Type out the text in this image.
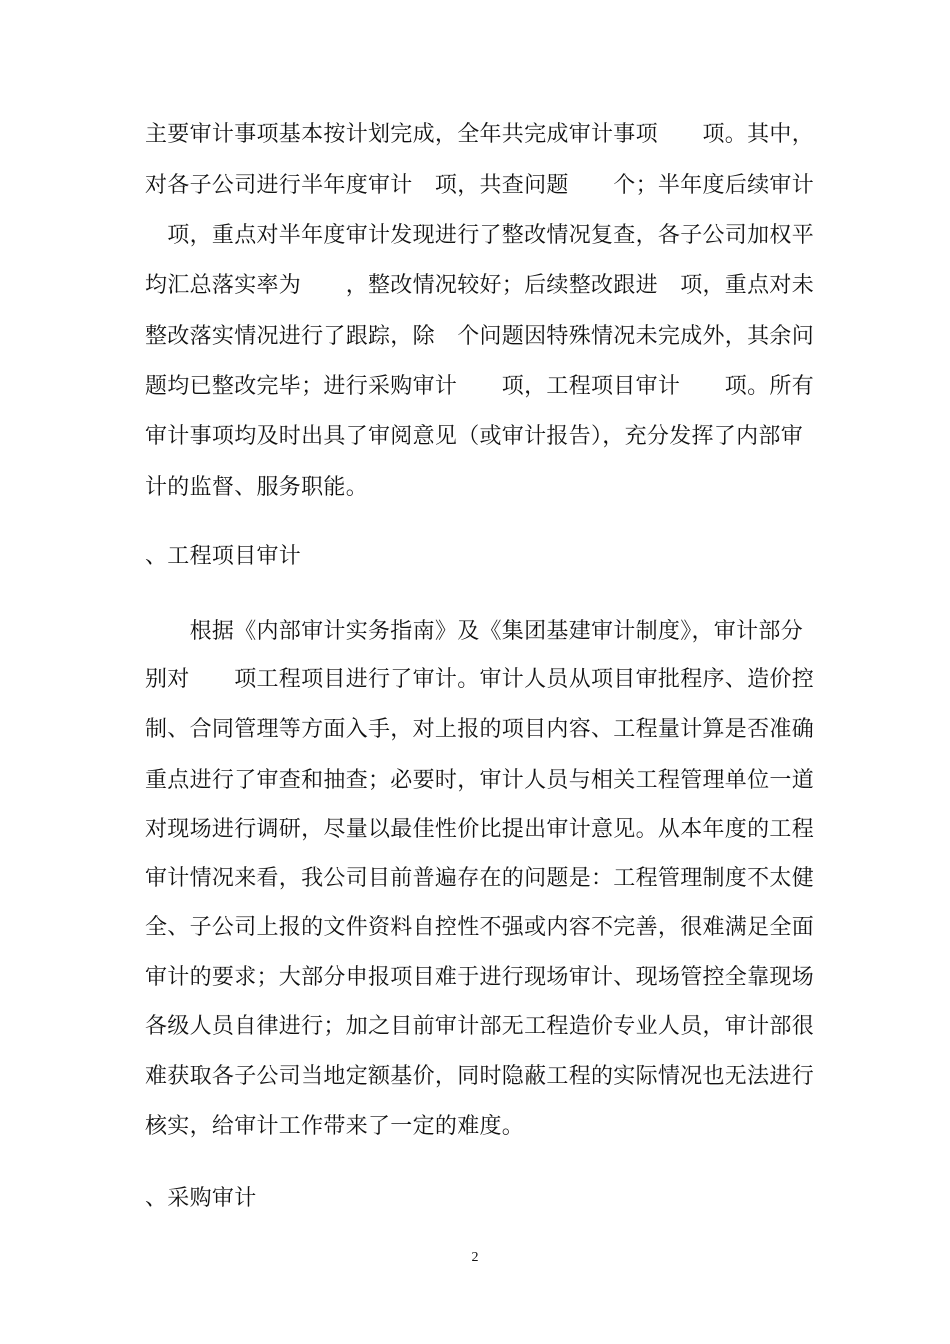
主要审计事项基本按计划完成，全年共完成审计事项　　项。其中，
对各子公司进行半年度审计　项，共查问题　　个；半年度后续审计
　项，重点对半年度审计发现进行了整改情况复查，各子公司加权平
均汇总落实率为　　，整改情况较好；后续整改跟进　项，重点对未
整改落实情况进行了跟踪，除　个问题因特殊情况未完成外，其余问
题均已整改完毕；进行采购审计　　项，工程项目审计　　项。所有
审计事项均及时出具了审阅意见（或审计报告），充分发挥了内部审
计的监督、服务职能。
、工程项目审计
　　根据《内部审计实务指南》及《集团基建审计制度》，审计部分
别对　　项工程项目进行了审计。审计人员从项目审批程序、造价控
制、合同管理等方面入手，对上报的项目内容、工程量计算是否准确
重点进行了审查和抽查；必要时，审计人员与相关工程管理单位一道
对现场进行调研，尽量以最佳性价比提出审计意见。从本年度的工程
审计情况来看，我公司目前普遍存在的问题是：工程管理制度不太健
全、子公司上报的文件资料自控性不强或内容不完善，很难满足全面
审计的要求；大部分申报项目难于进行现场审计、现场管控全靠现场
各级人员自律进行；加之目前审计部无工程造价专业人员，审计部很
难获取各子公司当地定额基价，同时隐蔽工程的实际情况也无法进行
核实，给审计工作带来了一定的难度。
、采购审计
2
